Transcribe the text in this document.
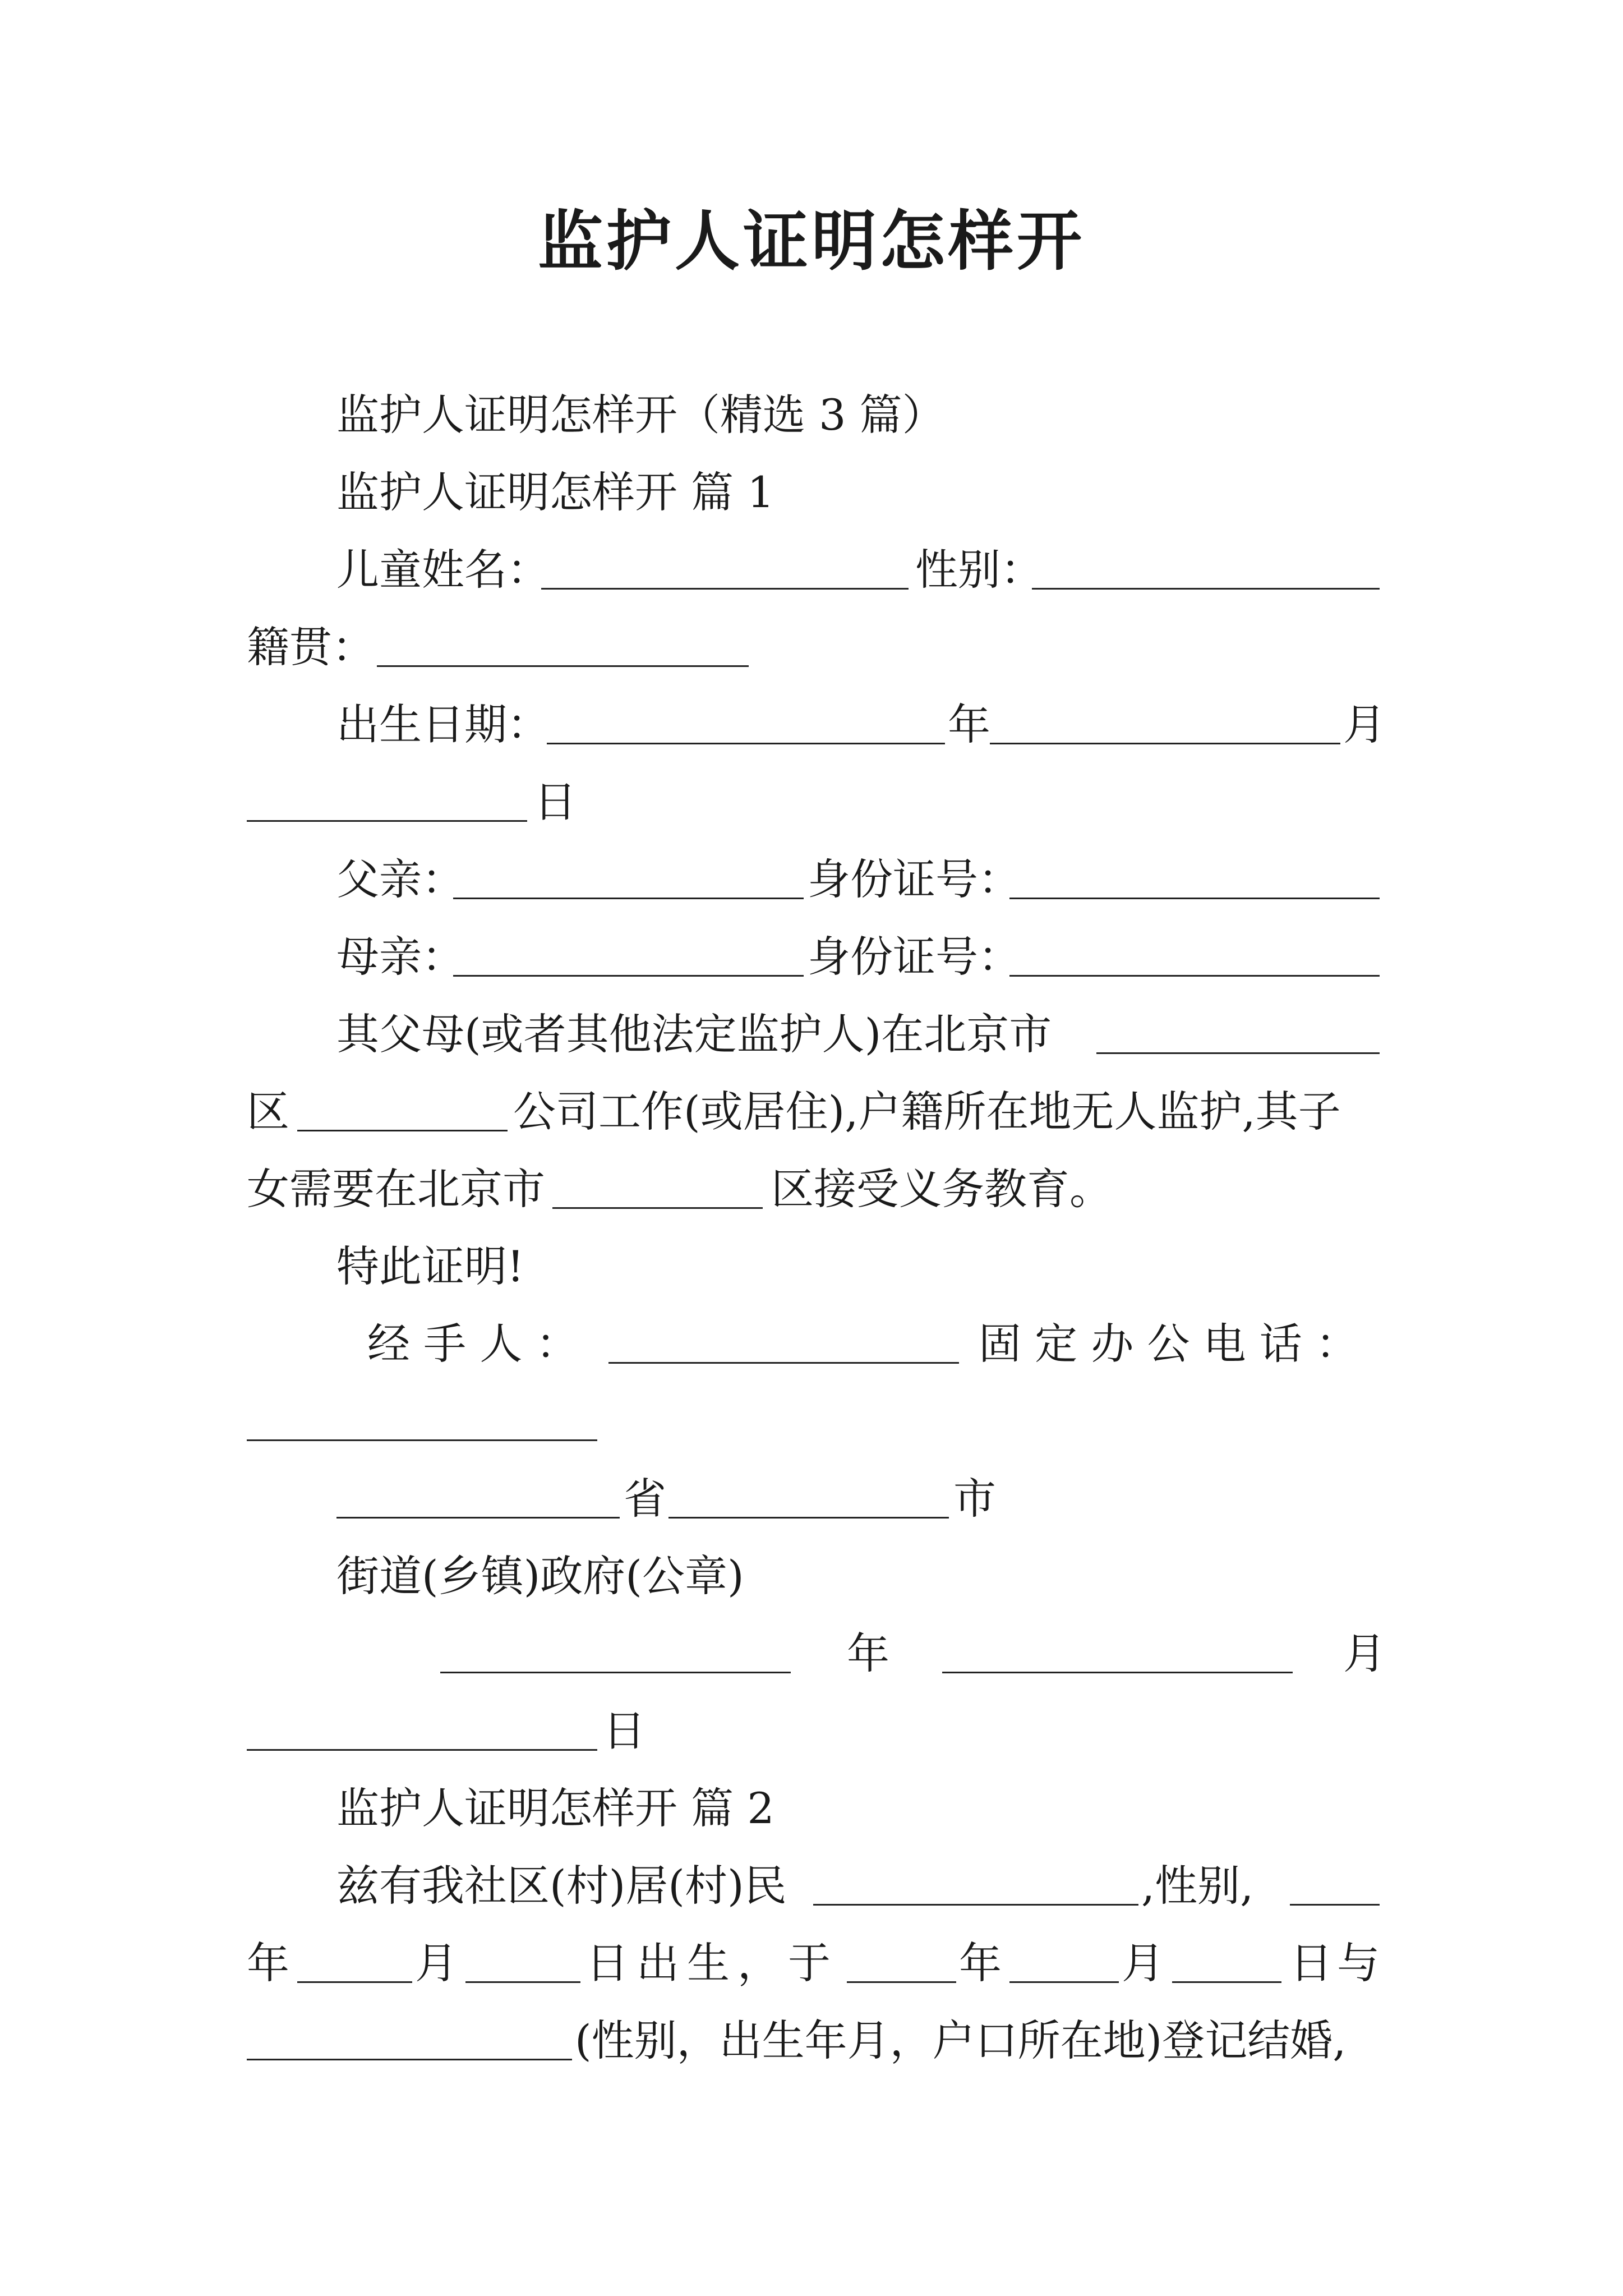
监护人证明怎样开
监护人证明怎样开（精选 3 篇）
监护人证明怎样开 篇 1
儿童姓名：	性别：
籍贯：
出生日期：	年	月
日
父亲：	身份证号：
母亲：	身份证号：
其父母(或者其他法定监护人)在北京市
区	公司工作(或居住),户籍所在地无人监护,其子
女需要在北京市	区接受义务教育。
特此证明!
经 手 人 ：	固 定 办 公 电 话 ：
省	市
街道(乡镇)政府(公章)
年	月
日
监护人证明怎样开 篇 2
兹有我社区(村)居(村)民	,性别,
年	月	日出生，于	年	月	日与
(性别，出生年月，户口所在地)登记结婚,
